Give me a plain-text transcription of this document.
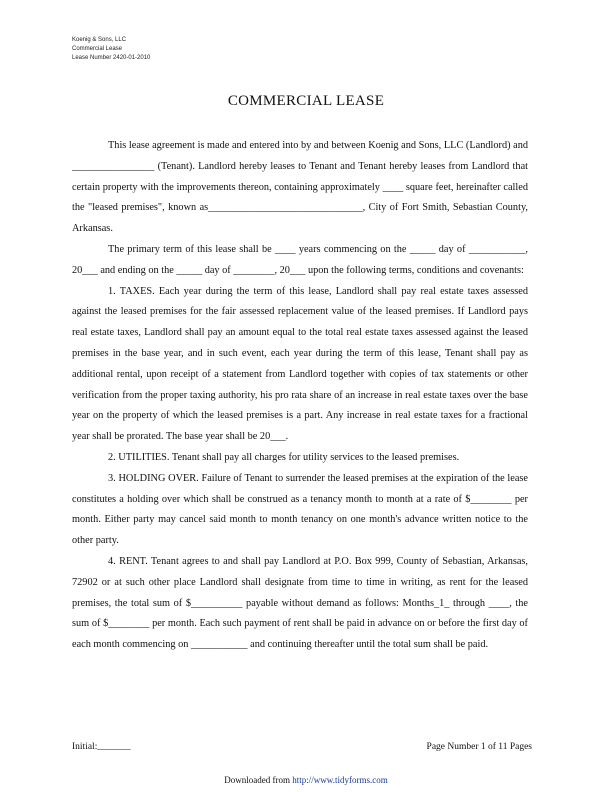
Koenig & Sons, LLC
Commercial Lease
Lease Number 2420-01-2010
COMMERCIAL LEASE

This lease agreement is made and entered into by and between Koenig and Sons, LLC (Landlord) and ________________ (Tenant). Landlord hereby leases to Tenant and Tenant hereby leases from Landlord that certain property with the improvements thereon, containing approximately ____ square feet, hereinafter called the "leased premises", known as______________________________, City of Fort Smith, Sebastian County, Arkansas.

The primary term of this lease shall be ____ years commencing on the _____ day of ___________, 20___ and ending on the _____ day of ________, 20___ upon the following terms, conditions and covenants:

1. TAXES. Each year during the term of this lease, Landlord shall pay real estate taxes assessed against the leased premises for the fair assessed replacement value of the leased premises. If Landlord pays real estate taxes, Landlord shall pay an amount equal to the total real estate taxes assessed against the leased premises in the base year, and in such event, each year during the term of this lease, Tenant shall pay as additional rental, upon receipt of a statement from Landlord together with copies of tax statements or other verification from the proper taxing authority, his pro rata share of an increase in real estate taxes over the base year on the property of which the leased premises is a part. Any increase in real estate taxes for a fractional year shall be prorated. The base year shall be 20___.

2. UTILITIES. Tenant shall pay all charges for utility services to the leased premises.

3. HOLDING OVER. Failure of Tenant to surrender the leased premises at the expiration of the lease constitutes a holding over which shall be construed as a tenancy month to month at a rate of $________ per month. Either party may cancel said month to month tenancy on one month's advance written notice to the other party.

4. RENT. Tenant agrees to and shall pay Landlord at P.O. Box 999, County of Sebastian, Arkansas, 72902 or at such other place Landlord shall designate from time to time in writing, as rent for the leased premises, the total sum of $__________ payable without demand as follows: Months_1_ through ____, the sum of $________ per month. Each such payment of rent shall be paid in advance on or before the first day of each month commencing on ___________ and continuing thereafter until the total sum shall be paid.

Initial:_______	Page Number 1 of 11 Pages
Downloaded from http://www.tidyforms.com
